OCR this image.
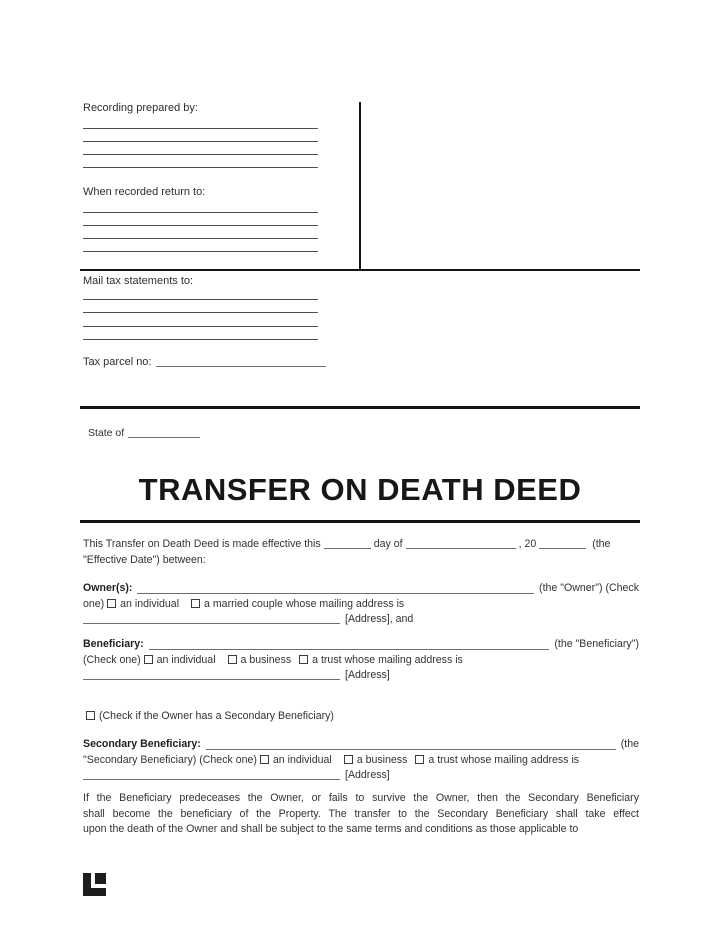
Recording prepared by:
When recorded return to:
Mail tax statements to:
Tax parcel no:
State of
TRANSFER ON DEATH DEED
This Transfer on Death Deed is made effective this	day of	, 20	(the
"Effective Date") between:
Owner(s):	(the "Owner") (Check
one) an individual a married couple whose mailing address is
[Address], and
Beneficiary:	(the "Beneficiary")
(Check one) an individual a business a trust whose mailing address is
[Address]
(Check if the Owner has a Secondary Beneficiary)
Secondary Beneficiary:	(the
"Secondary Beneficiary) (Check one) an individual a business a trust whose mailing address is
[Address]
If the Beneficiary predeceases the Owner, or fails to survive the Owner, then the Secondary Beneficiary
shall become the beneficiary of the Property. The transfer to the Secondary Beneficiary shall take effect
upon the death of the Owner and shall be subject to the same terms and conditions as those applicable to
